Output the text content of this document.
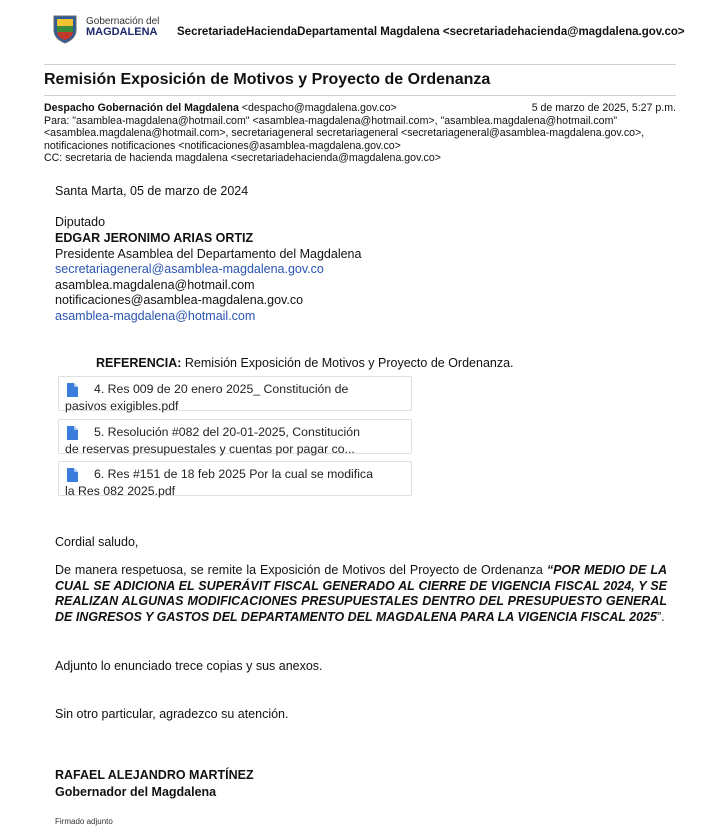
Gobernación del
MAGDALENA SecretariadeHaciendaDepartamental Magdalena <secretariadehacienda@magdalena.gov.co>
Remisión Exposición de Motivos y Proyecto de Ordenanza
Despacho Gobernación del Magdalena <despacho@magdalena.gov.co>	5 de marzo de 2025, 5:27 p.m.
Para: "asamblea-magdalena@hotmail.com" <asamblea-magdalena@hotmail.com>, "asamblea.magdalena@hotmail.com" <asamblea.magdalena@hotmail.com>, secretariageneral secretariageneral <secretariageneral@asamblea-magdalena.gov.co>, notificaciones notificaciones <notificaciones@asamblea-magdalena.gov.co>
CC: secretaria de hacienda magdalena <secretariadehacienda@magdalena.gov.co>
Santa Marta, 05 de marzo de 2024
Diputado
EDGAR JERONIMO ARIAS ORTIZ
Presidente Asamblea del Departamento del Magdalena
secretariageneral@asamblea-magdalena.gov.co
asamblea.magdalena@hotmail.com
notificaciones@asamblea-magdalena.gov.co
asamblea-magdalena@hotmail.com
REFERENCIA: Remisión Exposición de Motivos y Proyecto de Ordenanza.
4. Res 009 de 20 enero 2025_ Constitución de
pasivos exigibles.pdf
5. Resolución #082 del 20-01-2025, Constitución
de reservas presupuestales y cuentas por pagar co...
6. Res #151 de 18 feb 2025 Por la cual se modifica
la Res 082 2025.pdf
Cordial saludo,
De manera respetuosa, se remite la Exposición de Motivos del Proyecto de Ordenanza “POR MEDIO DE LA CUAL SE ADICIONA EL SUPERÁVIT FISCAL GENERADO AL CIERRE DE VIGENCIA FISCAL 2024, Y SE REALIZAN ALGUNAS MODIFICACIONES PRESUPUESTALES DENTRO DEL PRESUPUESTO GENERAL DE INGRESOS Y GASTOS DEL DEPARTAMENTO DEL MAGDALENA PARA LA VIGENCIA FISCAL 2025”.
Adjunto lo enunciado trece copias y sus anexos.
Sin otro particular, agradezco su atención.
RAFAEL ALEJANDRO MARTÍNEZ
Gobernador del Magdalena
Firmado adjunto
